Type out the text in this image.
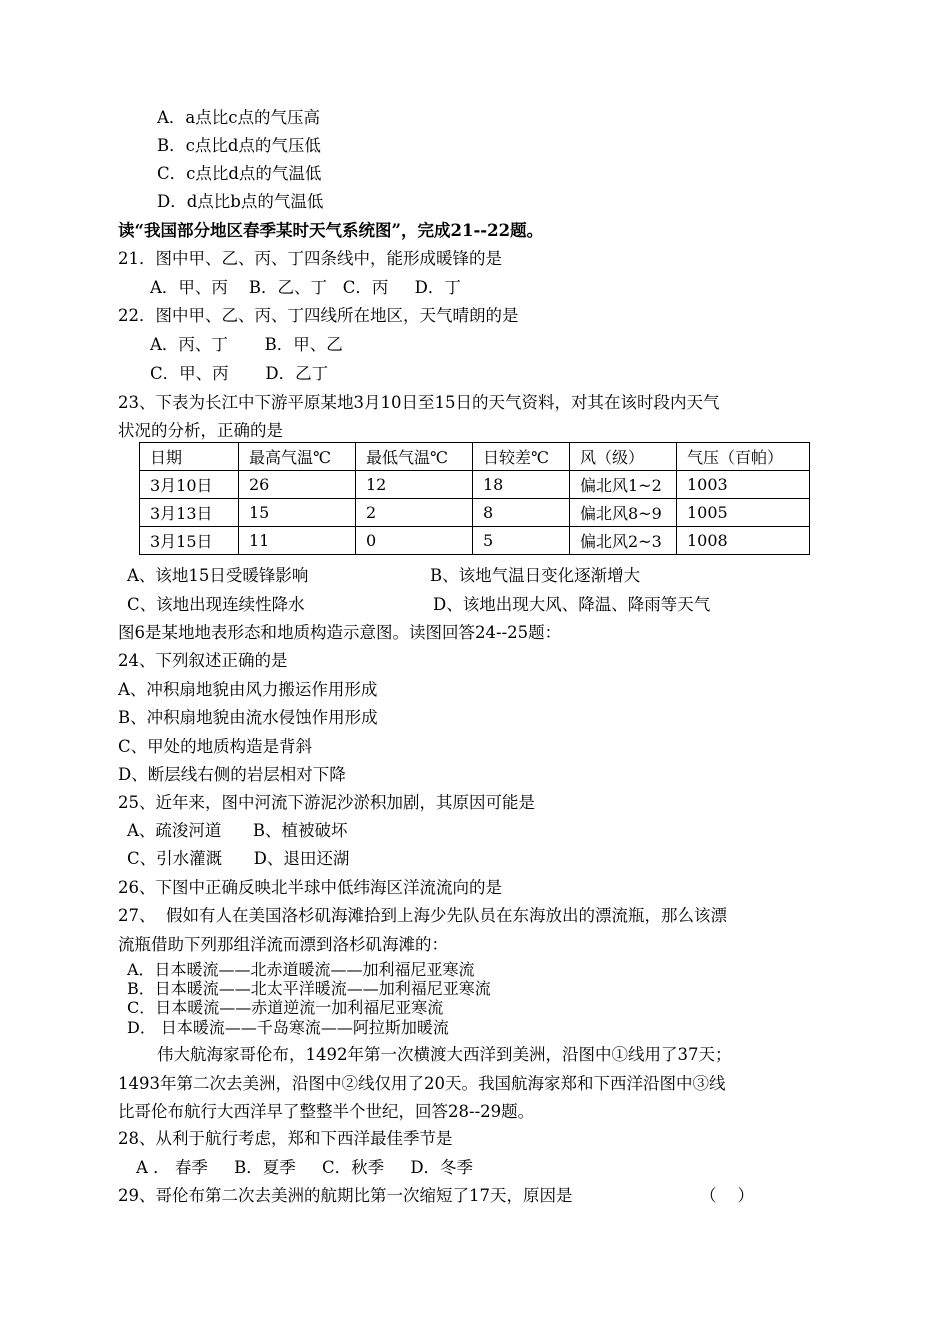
A．a点比c点的气压高
B．c点比d点的气压低
C．c点比d点的气温低
D．d点比b点的气温低
读“我国部分地区春季某时天气系统图”，完成21--22题。
21．图中甲、乙、丙、丁四条线中，能形成暖锋的是
A．甲、丙    B．乙、丁   C．丙     D．丁
22．图中甲、乙、丙、丁四线所在地区，天气晴朗的是
A．丙、丁       B．甲、乙
C．甲、丙       D．乙丁
23、下表为长江中下游平原某地3月10日至15日的天气资料，对其在该时段内天气
状况的分析，正确的是
日期	最高气温℃	最低气温℃	日较差℃	风（级）	气压（百帕）
3月10日	26	12	18	偏北风1~2	1003
3月13日	15	2	8	偏北风8~9	1005
3月15日	11	0	5	偏北风2~3	1008
A、该地15日受暖锋影响	B、该地气温日变化逐渐增大
C、该地出现连续性降水	D、该地出现大风、降温、降雨等天气
图6是某地地表形态和地质构造示意图。读图回答24--25题：
24、下列叙述正确的是
A、冲积扇地貌由风力搬运作用形成
B、冲积扇地貌由流水侵蚀作用形成
C、甲处的地质构造是背斜
D、断层线右侧的岩层相对下降
25、近年来，图中河流下游泥沙淤积加剧，其原因可能是
A、疏浚河道      B、植被破坏
C、引水灌溉      D、退田还湖
26、下图中正确反映北半球中低纬海区洋流流向的是
27、  假如有人在美国洛杉矶海滩拾到上海少先队员在东海放出的漂流瓶，那么该漂
流瓶借助下列那组洋流而漂到洛杉矶海滩的：
A．日本暖流——北赤道暖流——加利福尼亚寒流
B．日本暖流——北太平洋暖流——加利福尼亚寒流
C．日本暖流——赤道逆流一加利福尼亚寒流
D． 日本暖流——千岛寒流——阿拉斯加暖流
伟大航海家哥伦布，1492年第一次横渡大西洋到美洲，沿图中①线用了37天；
1493年第二次去美洲，沿图中②线仅用了20天。我国航海家郑和下西洋沿图中③线
比哥伦布航行大西洋早了整整半个世纪，回答28--29题。
28、从利于航行考虑，郑和下西洋最佳季节是
A ． 春季     B．夏季     C．秋季     D．冬季
29、哥伦布第二次去美洲的航期比第一次缩短了17天，原因是	（    ）
